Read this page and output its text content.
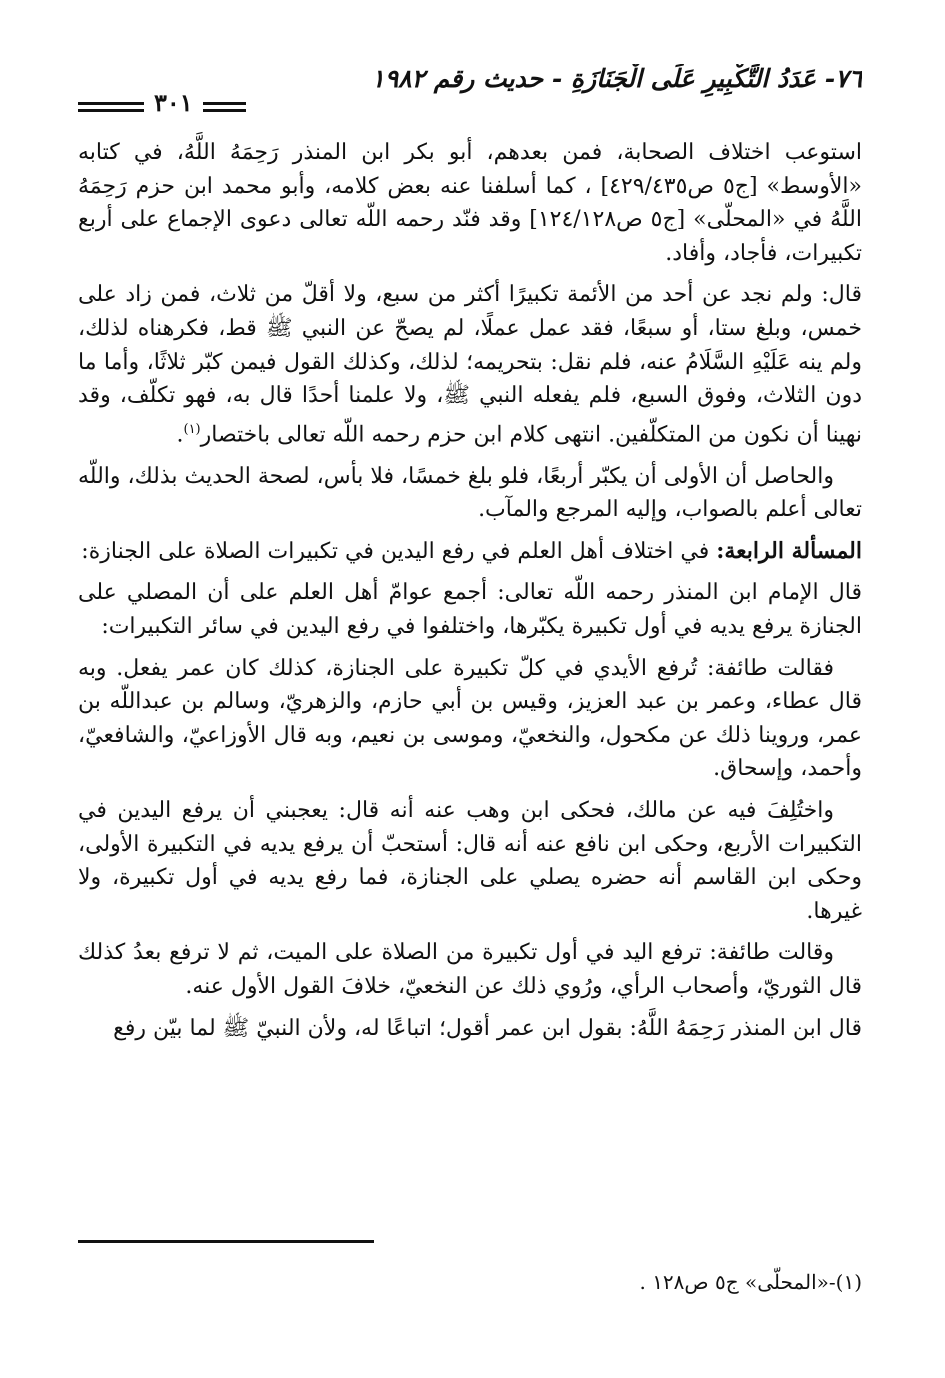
٧٦- عَدَدُ التَّكْبِيرِ عَلَى الْجَنَازَةِ - حديث رقم ١٩٨٢
٣٠١

استوعب اختلاف الصحابة، فمن بعدهم، أبو بكر ابن المنذر رَحِمَهُ اللَّهُ، في كتابه «الأوسط» [ج٥ ص٤٢٩/٤٣٥] ، كما أسلفنا عنه بعض كلامه، وأبو محمد ابن حزم رَحِمَهُ اللَّهُ في «المحلّى» [ج٥ ص١٢٤/١٢٨] وقد فنّد رحمه اللّه تعالى دعوى الإجماع على أربع تكبيرات، فأجاد، وأفاد.

قال: ولم نجد عن أحد من الأئمة تكبيرًا أكثر من سبع، ولا أقلّ من ثلاث، فمن زاد على خمس، وبلغ ستا، أو سبعًا، فقد عمل عملًا، لم يصحّ عن النبي ﷺ قط، فكرهناه لذلك، ولم ينه عَلَيْهِ السَّلَامُ عنه، فلم نقل: بتحريمه؛ لذلك، وكذلك القول فيمن كبّر ثلاثًا، وأما ما دون الثلاث، وفوق السبع، فلم يفعله النبي ﷺ، ولا علمنا أحدًا قال به، فهو تكلّف، وقد نهينا أن نكون من المتكلّفين. انتهى كلام ابن حزم رحمه اللّه تعالى باختصار$^{(١)}$.

والحاصل أن الأولى أن يكبّر أربعًا، فلو بلغ خمسًا، فلا بأس، لصحة الحديث بذلك، واللّه تعالى أعلم بالصواب، وإليه المرجع والمآب.

المسألة الرابعة: في اختلاف أهل العلم في رفع اليدين في تكبيرات الصلاة على الجنازة:

قال الإمام ابن المنذر رحمه اللّه تعالى: أجمع عوامّ أهل العلم على أن المصلي على الجنازة يرفع يديه في أول تكبيرة يكبّرها، واختلفوا في رفع اليدين في سائر التكبيرات:

فقالت طائفة: تُرفع الأيدي في كلّ تكبيرة على الجنازة، كذلك كان عمر يفعل. وبه قال عطاء، وعمر بن عبد العزيز، وقيس بن أبي حازم، والزهريّ، وسالم بن عبداللّه بن عمر، وروينا ذلك عن مكحول، والنخعيّ، وموسى بن نعيم، وبه قال الأوزاعيّ، والشافعيّ، وأحمد، وإسحاق.

واختُلِفَ فيه عن مالك، فحكى ابن وهب عنه أنه قال: يعجبني أن يرفع اليدين في التكبيرات الأربع، وحكى ابن نافع عنه أنه قال: أستحبّ أن يرفع يديه في التكبيرة الأولى، وحكى ابن القاسم أنه حضره يصلي على الجنازة، فما رفع يديه في أول تكبيرة، ولا غيرها.

وقالت طائفة: ترفع اليد في أول تكبيرة من الصلاة على الميت، ثم لا ترفع بعدُ كذلك قال الثوريّ، وأصحاب الرأي، ورُوي ذلك عن النخعيّ، خلافَ القول الأول عنه.

قال ابن المنذر رَحِمَهُ اللَّهُ: بقول ابن عمر أقول؛ اتباعًا له، ولأن النبيّ ﷺ لما بيّن رفع

(١)-«المحلّى» ج٥ ص١٢٨ .
